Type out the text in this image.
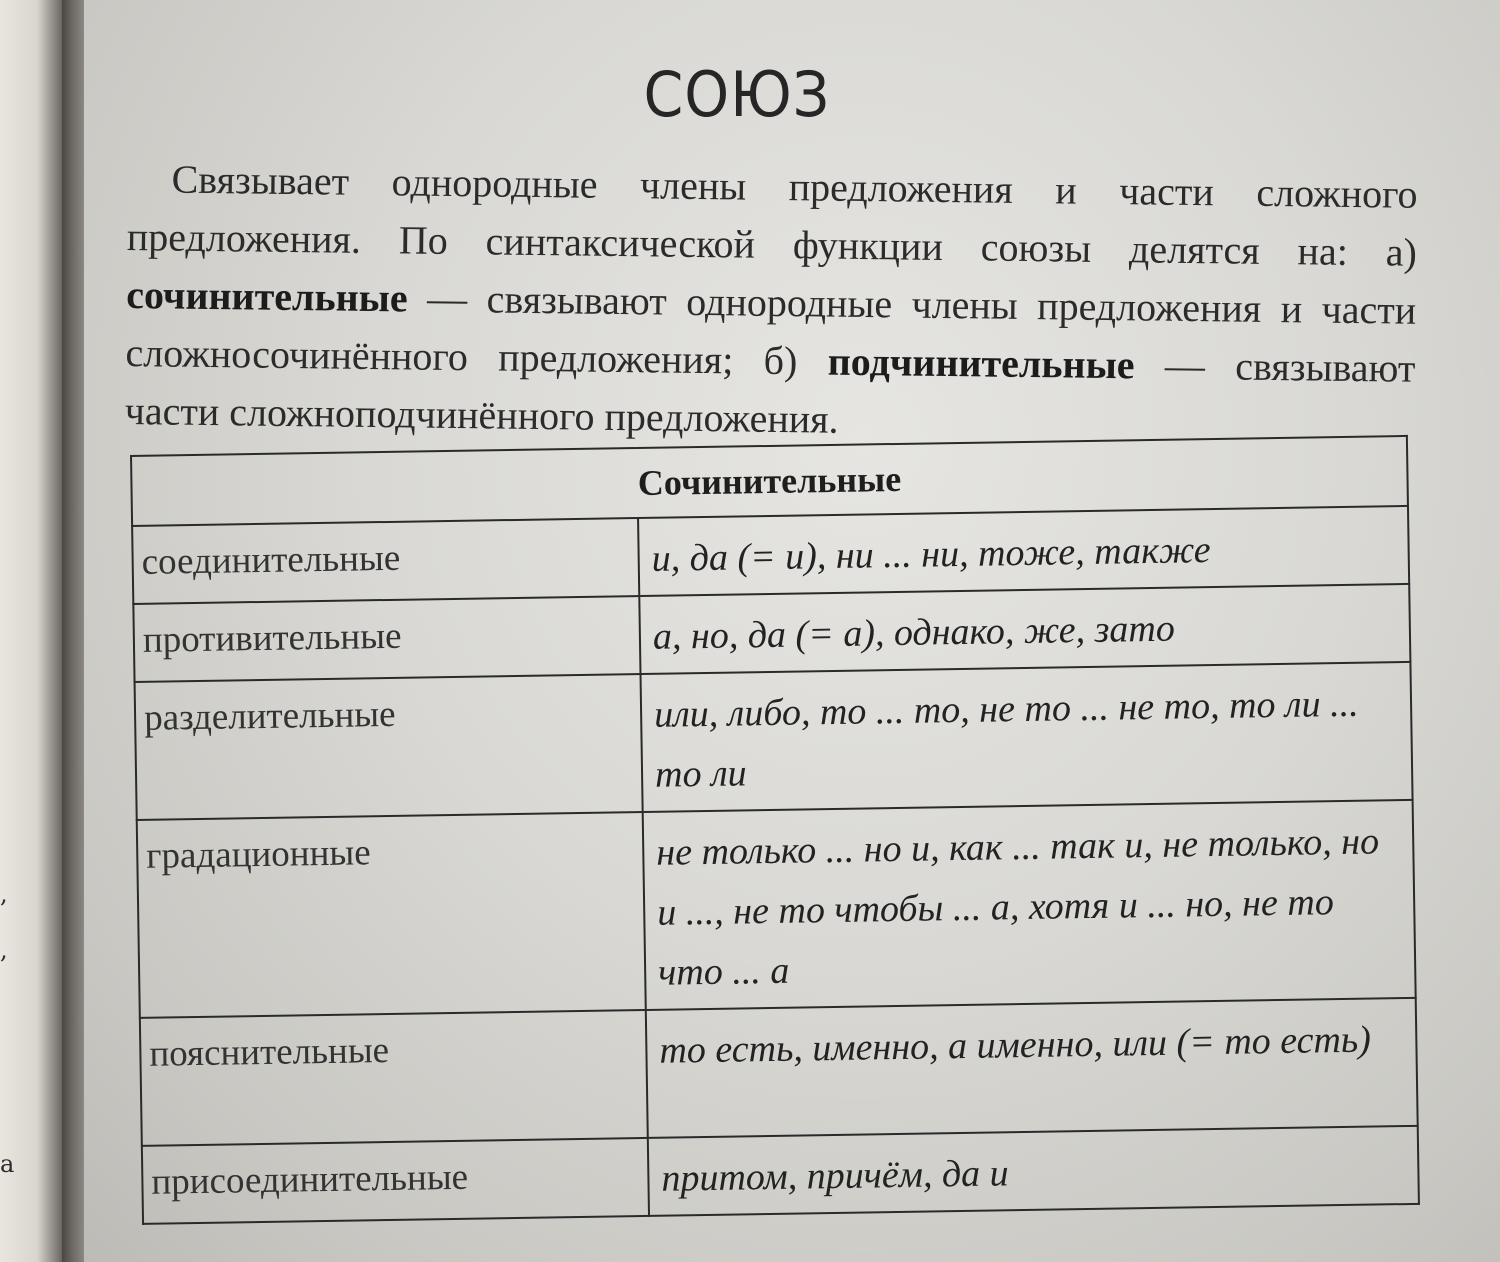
,
,
а
СОЮЗ
Связывает однородные члены предложения и части сложного предложения. По синтаксической функции союзы делятся на: а) сочинительные — связывают однородные члены предложения и части сложносочинённого предложения; б) подчинительные — связывают части сложноподчинённого предложения.
Сочинительные	
соединительные	и, да (= и), ни ... ни, тоже, также
противительные	а, но, да (= а), однако, же, зато
разделительные	или, либо, то ... то, не то ... не то, то ли ... то ли
градационные	не только ... но и, как ... так и, не только, но и ..., не то чтобы ... а, хотя и ... но, не то что ... а
пояснительные	то есть, именно, а именно, или (= то есть)
присоединительные	притом, причём, да и
